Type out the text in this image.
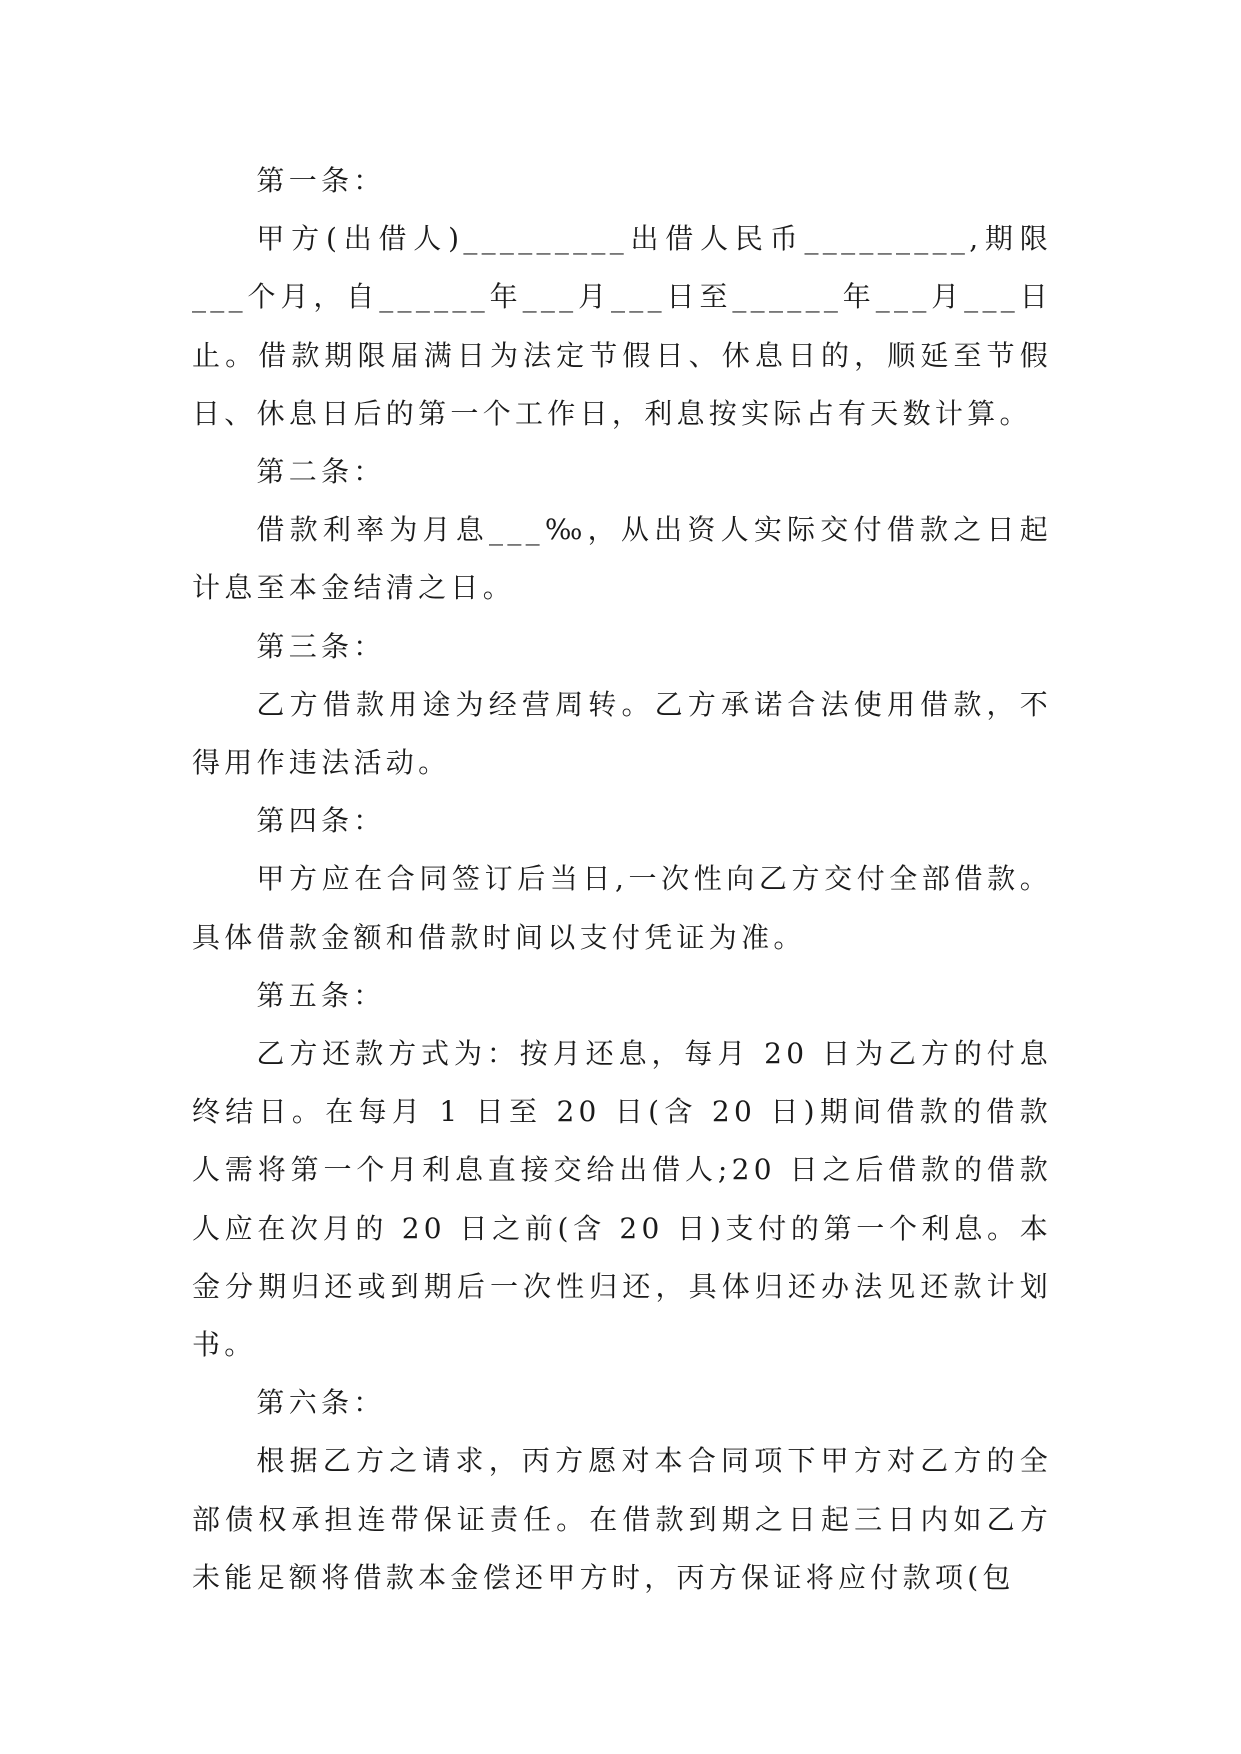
第一条：

甲方(出借人)_________出借人民币_________,期限___个月，自______年___月___日至______年___月___日止。借款期限届满日为法定节假日、休息日的，顺延至节假日、休息日后的第一个工作日，利息按实际占有天数计算。

第二条：

借款利率为月息___‰，从出资人实际交付借款之日起计息至本金结清之日。

第三条：

乙方借款用途为经营周转。乙方承诺合法使用借款，不得用作违法活动。

第四条：

甲方应在合同签订后当日,一次性向乙方交付全部借款。具体借款金额和借款时间以支付凭证为准。

第五条：

乙方还款方式为：按月还息，每月 20 日为乙方的付息终结日。在每月 1 日至 20 日(含 20 日)期间借款的借款人需将第一个月利息直接交给出借人;20 日之后借款的借款人应在次月的 20 日之前(含 20 日)支付的第一个利息。本金分期归还或到期后一次性归还，具体归还办法见还款计划书。

第六条：

根据乙方之请求，丙方愿对本合同项下甲方对乙方的全部债权承担连带保证责任。在借款到期之日起三日内如乙方未能足额将借款本金偿还甲方时，丙方保证将应付款项(包
